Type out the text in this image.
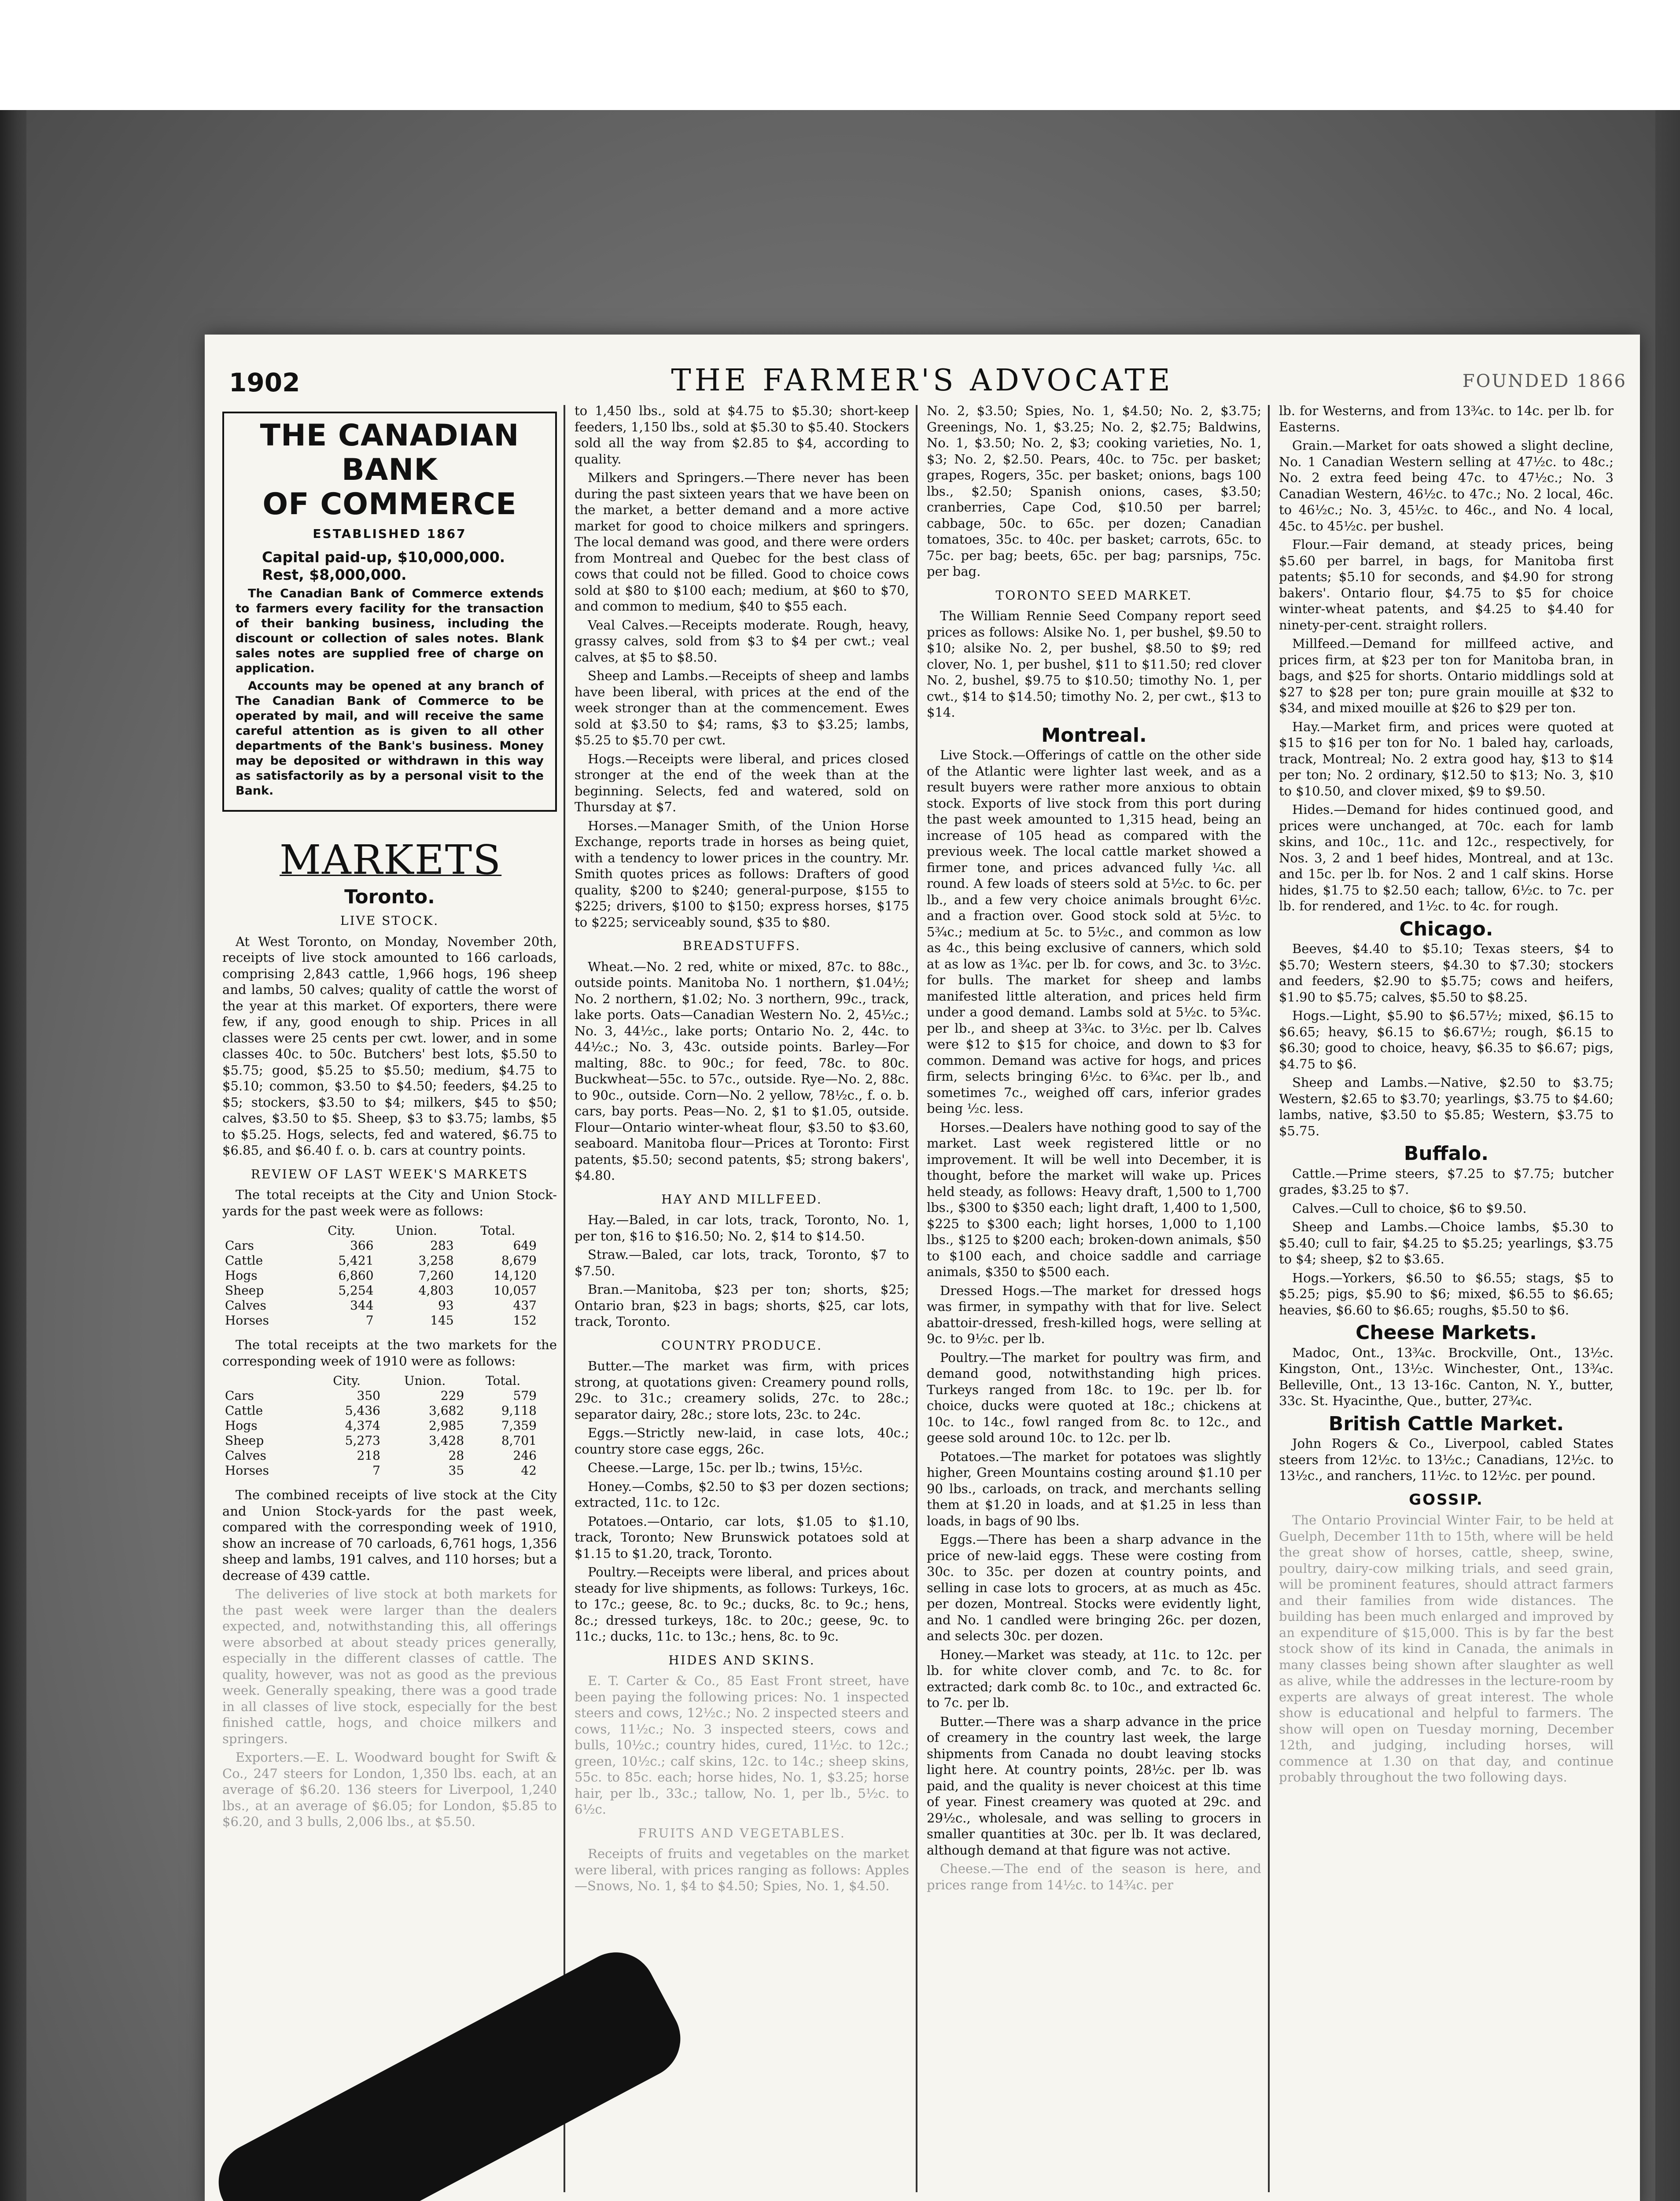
1902	THE FARMER'S ADVOCATE	FOUNDED 1866
THE CANADIAN BANK
OF COMMERCE
ESTABLISHED 1867
Capital paid-up, $10,000,000.
Rest, $8,000,000.

The Canadian Bank of Commerce extends to farmers every facility for the transaction of their banking business, including the discount or collection of sales notes. Blank sales notes are supplied free of charge on application.

Accounts may be opened at any branch of The Canadian Bank of Commerce to be operated by mail, and will receive the same careful attention as is given to all other departments of the Bank's business. Money may be deposited or withdrawn in this way as satisfactorily as by a personal visit to the Bank.

MARKETS
Toronto.
LIVE STOCK.

At West Toronto, on Monday, November 20th, receipts of live stock amounted to 166 carloads, comprising 2,843 cattle, 1,966 hogs, 196 sheep and lambs, 50 calves; quality of cattle the worst of the year at this market. Of exporters, there were few, if any, good enough to ship. Prices in all classes were 25 cents per cwt. lower, and in some classes 40c. to 50c. Butchers' best lots, $5.50 to $5.75; good, $5.25 to $5.50; medium, $4.75 to $5.10; common, $3.50 to $4.50; feeders, $4.25 to $5; stockers, $3.50 to $4; milkers, $45 to $50; calves, $3.50 to $5. Sheep, $3 to $3.75; lambs, $5 to $5.25. Hogs, selects, fed and watered, $6.75 to $6.85, and $6.40 f. o. b. cars at country points.

REVIEW OF LAST WEEK'S MARKETS

The total receipts at the City and Union Stock-yards for the past week were as follows:

	City.	Union.	Total.
Cars	366	283	649
Cattle	5,421	3,258	8,679
Hogs	6,860	7,260	14,120
Sheep	5,254	4,803	10,057
Calves	344	93	437
Horses	7	145	152

The total receipts at the two markets for the corresponding week of 1910 were as follows:

	City.	Union.	Total.
Cars	350	229	579
Cattle	5,436	3,682	9,118
Hogs	4,374	2,985	7,359
Sheep	5,273	3,428	8,701
Calves	218	28	246
Horses	7	35	42

The combined receipts of live stock at the City and Union Stock-yards for the past week, compared with the corresponding week of 1910, show an increase of 70 carloads, 6,761 hogs, 1,356 sheep and lambs, 191 calves, and 110 horses; but a decrease of 439 cattle.

The deliveries of live stock at both markets for the past week were larger than the dealers expected, and, notwithstanding this, all offerings were absorbed at about steady prices generally, especially in the different classes of cattle. The quality, however, was not as good as the previous week. Generally speaking, there was a good trade in all classes of live stock, especially for the best finished cattle, hogs, and choice milkers and springers.

Exporters.—E. L. Woodward bought for Swift & Co., 247 steers for London, 1,350 lbs. each, at an average of $6.20. 136 steers for Liverpool, 1,240 lbs., at an average of $6.05; for London, $5.85 to $6.20, and 3 bulls, 2,006 lbs., at $5.50.

to 1,450 lbs., sold at $4.75 to $5.30; short-keep feeders, 1,150 lbs., sold at $5.30 to $5.40. Stockers sold all the way from $2.85 to $4, according to quality.

Milkers and Springers.—There never has been during the past sixteen years that we have been on the market, a better demand and a more active market for good to choice milkers and springers. The local demand was good, and there were orders from Montreal and Quebec for the best class of cows that could not be filled. Good to choice cows sold at $80 to $100 each; medium, at $60 to $70, and common to medium, $40 to $55 each.

Veal Calves.—Receipts moderate. Rough, heavy, grassy calves, sold from $3 to $4 per cwt.; veal calves, at $5 to $8.50.

Sheep and Lambs.—Receipts of sheep and lambs have been liberal, with prices at the end of the week stronger than at the commencement. Ewes sold at $3.50 to $4; rams, $3 to $3.25; lambs, $5.25 to $5.70 per cwt.

Hogs.—Receipts were liberal, and prices closed stronger at the end of the week than at the beginning. Selects, fed and watered, sold on Thursday at $7.

Horses.—Manager Smith, of the Union Horse Exchange, reports trade in horses as being quiet, with a tendency to lower prices in the country. Mr. Smith quotes prices as follows: Drafters of good quality, $200 to $240; general-purpose, $155 to $225; drivers, $100 to $150; express horses, $175 to $225; serviceably sound, $35 to $80.

BREADSTUFFS.

Wheat.—No. 2 red, white or mixed, 87c. to 88c., outside points. Manitoba No. 1 northern, $1.04½; No. 2 northern, $1.02; No. 3 northern, 99c., track, lake ports. Oats—Canadian Western No. 2, 45½c.; No. 3, 44½c., lake ports; Ontario No. 2, 44c. to 44½c.; No. 3, 43c. outside points. Barley—For malting, 88c. to 90c.; for feed, 78c. to 80c. Buckwheat—55c. to 57c., outside. Rye—No. 2, 88c. to 90c., outside. Corn—No. 2 yellow, 78½c., f. o. b. cars, bay ports. Peas—No. 2, $1 to $1.05, outside. Flour—Ontario winter-wheat flour, $3.50 to $3.60, seaboard. Manitoba flour—Prices at Toronto: First patents, $5.50; second patents, $5; strong bakers', $4.80.

HAY AND MILLFEED.

Hay.—Baled, in car lots, track, Toronto, No. 1, per ton, $16 to $16.50; No. 2, $14 to $14.50.

Straw.—Baled, car lots, track, Toronto, $7 to $7.50.

Bran.—Manitoba, $23 per ton; shorts, $25; Ontario bran, $23 in bags; shorts, $25, car lots, track, Toronto.

COUNTRY PRODUCE.

Butter.—The market was firm, with prices strong, at quotations given: Creamery pound rolls, 29c. to 31c.; creamery solids, 27c. to 28c.; separator dairy, 28c.; store lots, 23c. to 24c.

Eggs.—Strictly new-laid, in case lots, 40c.; country store case eggs, 26c.

Cheese.—Large, 15c. per lb.; twins, 15½c.

Honey.—Combs, $2.50 to $3 per dozen sections; extracted, 11c. to 12c.

Potatoes.—Ontario, car lots, $1.05 to $1.10, track, Toronto; New Brunswick potatoes sold at $1.15 to $1.20, track, Toronto.

Poultry.—Receipts were liberal, and prices about steady for live shipments, as follows: Turkeys, 16c. to 17c.; geese, 8c. to 9c.; ducks, 8c. to 9c.; hens, 8c.; dressed turkeys, 18c. to 20c.; geese, 9c. to 11c.; ducks, 11c. to 13c.; hens, 8c. to 9c.

HIDES AND SKINS.

E. T. Carter & Co., 85 East Front street, have been paying the following prices: No. 1 inspected steers and cows, 12½c.; No. 2 inspected steers and cows, 11½c.; No. 3 inspected steers, cows and bulls, 10½c.; country hides, cured, 11½c. to 12c.; green, 10½c.; calf skins, 12c. to 14c.; sheep skins, 55c. to 85c. each; horse hides, No. 1, $3.25; horse hair, per lb., 33c.; tallow, No. 1, per lb., 5½c. to 6½c.

FRUITS AND VEGETABLES.

Receipts of fruits and vegetables on the market were liberal, with prices ranging as follows: Apples—Snows, No. 1, $4 to $4.50; Spies, No. 1, $4.50.

No. 2, $3.50; Spies, No. 1, $4.50; No. 2, $3.75; Greenings, No. 1, $3.25; No. 2, $2.75; Baldwins, No. 1, $3.50; No. 2, $3; cooking varieties, No. 1, $3; No. 2, $2.50. Pears, 40c. to 75c. per basket; grapes, Rogers, 35c. per basket; onions, bags 100 lbs., $2.50; Spanish onions, cases, $3.50; cranberries, Cape Cod, $10.50 per barrel; cabbage, 50c. to 65c. per dozen; Canadian tomatoes, 35c. to 40c. per basket; carrots, 65c. to 75c. per bag; beets, 65c. per bag; parsnips, 75c. per bag.

TORONTO SEED MARKET.

The William Rennie Seed Company report seed prices as follows: Alsike No. 1, per bushel, $9.50 to $10; alsike No. 2, per bushel, $8.50 to $9; red clover, No. 1, per bushel, $11 to $11.50; red clover No. 2, bushel, $9.75 to $10.50; timothy No. 1, per cwt., $14 to $14.50; timothy No. 2, per cwt., $13 to $14.

Montreal.

Live Stock.—Offerings of cattle on the other side of the Atlantic were lighter last week, and as a result buyers were rather more anxious to obtain stock. Exports of live stock from this port during the past week amounted to 1,315 head, being an increase of 105 head as compared with the previous week. The local cattle market showed a firmer tone, and prices advanced fully ¼c. all round. A few loads of steers sold at 5½c. to 6c. per lb., and a few very choice animals brought 6½c. and a fraction over. Good stock sold at 5½c. to 5¾c.; medium at 5c. to 5½c., and common as low as 4c., this being exclusive of canners, which sold at as low as 1¾c. per lb. for cows, and 3c. to 3½c. for bulls. The market for sheep and lambs manifested little alteration, and prices held firm under a good demand. Lambs sold at 5½c. to 5¾c. per lb., and sheep at 3¾c. to 3½c. per lb. Calves were $12 to $15 for choice, and down to $3 for common. Demand was active for hogs, and prices firm, selects bringing 6½c. to 6¾c. per lb., and sometimes 7c., weighed off cars, inferior grades being ½c. less.

Horses.—Dealers have nothing good to say of the market. Last week registered little or no improvement. It will be well into December, it is thought, before the market will wake up. Prices held steady, as follows: Heavy draft, 1,500 to 1,700 lbs., $300 to $350 each; light draft, 1,400 to 1,500, $225 to $300 each; light horses, 1,000 to 1,100 lbs., $125 to $200 each; broken-down animals, $50 to $100 each, and choice saddle and carriage animals, $350 to $500 each.

Dressed Hogs.—The market for dressed hogs was firmer, in sympathy with that for live. Select abattoir-dressed, fresh-killed hogs, were selling at 9c. to 9½c. per lb.

Poultry.—The market for poultry was firm, and demand good, notwithstanding high prices. Turkeys ranged from 18c. to 19c. per lb. for choice, ducks were quoted at 18c.; chickens at 10c. to 14c., fowl ranged from 8c. to 12c., and geese sold around 10c. to 12c. per lb.

Potatoes.—The market for potatoes was slightly higher, Green Mountains costing around $1.10 per 90 lbs., carloads, on track, and merchants selling them at $1.20 in loads, and at $1.25 in less than loads, in bags of 90 lbs.

Eggs.—There has been a sharp advance in the price of new-laid eggs. These were costing from 30c. to 35c. per dozen at country points, and selling in case lots to grocers, at as much as 45c. per dozen, Montreal. Stocks were evidently light, and No. 1 candled were bringing 26c. per dozen, and selects 30c. per dozen.

Honey.—Market was steady, at 11c. to 12c. per lb. for white clover comb, and 7c. to 8c. for extracted; dark comb 8c. to 10c., and extracted 6c. to 7c. per lb.

Butter.—There was a sharp advance in the price of creamery in the country last week, the large shipments from Canada no doubt leaving stocks light here. At country points, 28½c. per lb. was paid, and the quality is never choicest at this time of year. Finest creamery was quoted at 29c. and 29½c., wholesale, and was selling to grocers in smaller quantities at 30c. per lb. It was declared, although demand at that figure was not active.

Cheese.—The end of the season is here, and prices range from 14½c. to 14¾c. per

lb. for Westerns, and from 13¾c. to 14c. per lb. for Easterns.

Grain.—Market for oats showed a slight decline, No. 1 Canadian Western selling at 47½c. to 48c.; No. 2 extra feed being 47c. to 47½c.; No. 3 Canadian Western, 46½c. to 47c.; No. 2 local, 46c. to 46½c.; No. 3, 45½c. to 46c., and No. 4 local, 45c. to 45½c. per bushel.

Flour.—Fair demand, at steady prices, being $5.60 per barrel, in bags, for Manitoba first patents; $5.10 for seconds, and $4.90 for strong bakers'. Ontario flour, $4.75 to $5 for choice winter-wheat patents, and $4.25 to $4.40 for ninety-per-cent. straight rollers.

Millfeed.—Demand for millfeed active, and prices firm, at $23 per ton for Manitoba bran, in bags, and $25 for shorts. Ontario middlings sold at $27 to $28 per ton; pure grain mouille at $32 to $34, and mixed mouille at $26 to $29 per ton.

Hay.—Market firm, and prices were quoted at $15 to $16 per ton for No. 1 baled hay, carloads, track, Montreal; No. 2 extra good hay, $13 to $14 per ton; No. 2 ordinary, $12.50 to $13; No. 3, $10 to $10.50, and clover mixed, $9 to $9.50.

Hides.—Demand for hides continued good, and prices were unchanged, at 70c. each for lamb skins, and 10c., 11c. and 12c., respectively, for Nos. 3, 2 and 1 beef hides, Montreal, and at 13c. and 15c. per lb. for Nos. 2 and 1 calf skins. Horse hides, $1.75 to $2.50 each; tallow, 6½c. to 7c. per lb. for rendered, and 1½c. to 4c. for rough.

Chicago.

Beeves, $4.40 to $5.10; Texas steers, $4 to $5.70; Western steers, $4.30 to $7.30; stockers and feeders, $2.90 to $5.75; cows and heifers, $1.90 to $5.75; calves, $5.50 to $8.25.

Hogs.—Light, $5.90 to $6.57½; mixed, $6.15 to $6.65; heavy, $6.15 to $6.67½; rough, $6.15 to $6.30; good to choice, heavy, $6.35 to $6.67; pigs, $4.75 to $6.

Sheep and Lambs.—Native, $2.50 to $3.75; Western, $2.65 to $3.70; yearlings, $3.75 to $4.60; lambs, native, $3.50 to $5.85; Western, $3.75 to $5.75.

Buffalo.

Cattle.—Prime steers, $7.25 to $7.75; butcher grades, $3.25 to $7.

Calves.—Cull to choice, $6 to $9.50.

Sheep and Lambs.—Choice lambs, $5.30 to $5.40; cull to fair, $4.25 to $5.25; yearlings, $3.75 to $4; sheep, $2 to $3.65.

Hogs.—Yorkers, $6.50 to $6.55; stags, $5 to $5.25; pigs, $5.90 to $6; mixed, $6.55 to $6.65; heavies, $6.60 to $6.65; roughs, $5.50 to $6.

Cheese Markets.

Madoc, Ont., 13¾c. Brockville, Ont., 13½c. Kingston, Ont., 13½c. Winchester, Ont., 13¾c. Belleville, Ont., 13 13-16c. Canton, N. Y., butter, 33c. St. Hyacinthe, Que., butter, 27¾c.

British Cattle Market.

John Rogers & Co., Liverpool, cabled States steers from 12½c. to 13½c.; Canadians, 12½c. to 13½c., and ranchers, 11½c. to 12½c. per pound.

GOSSIP.

The Ontario Provincial Winter Fair, to be held at Guelph, December 11th to 15th, where will be held the great show of horses, cattle, sheep, swine, poultry, dairy-cow milking trials, and seed grain, will be prominent features, should attract farmers and their families from wide distances. The building has been much enlarged and improved by an expenditure of $15,000. This is by far the best stock show of its kind in Canada, the animals in many classes being shown after slaughter as well as alive, while the addresses in the lecture-room by experts are always of great interest. The whole show is educational and helpful to farmers. The show will open on Tuesday morning, December 12th, and judging, including horses, will commence at 1.30 on that day, and continue probably throughout the two following days.
